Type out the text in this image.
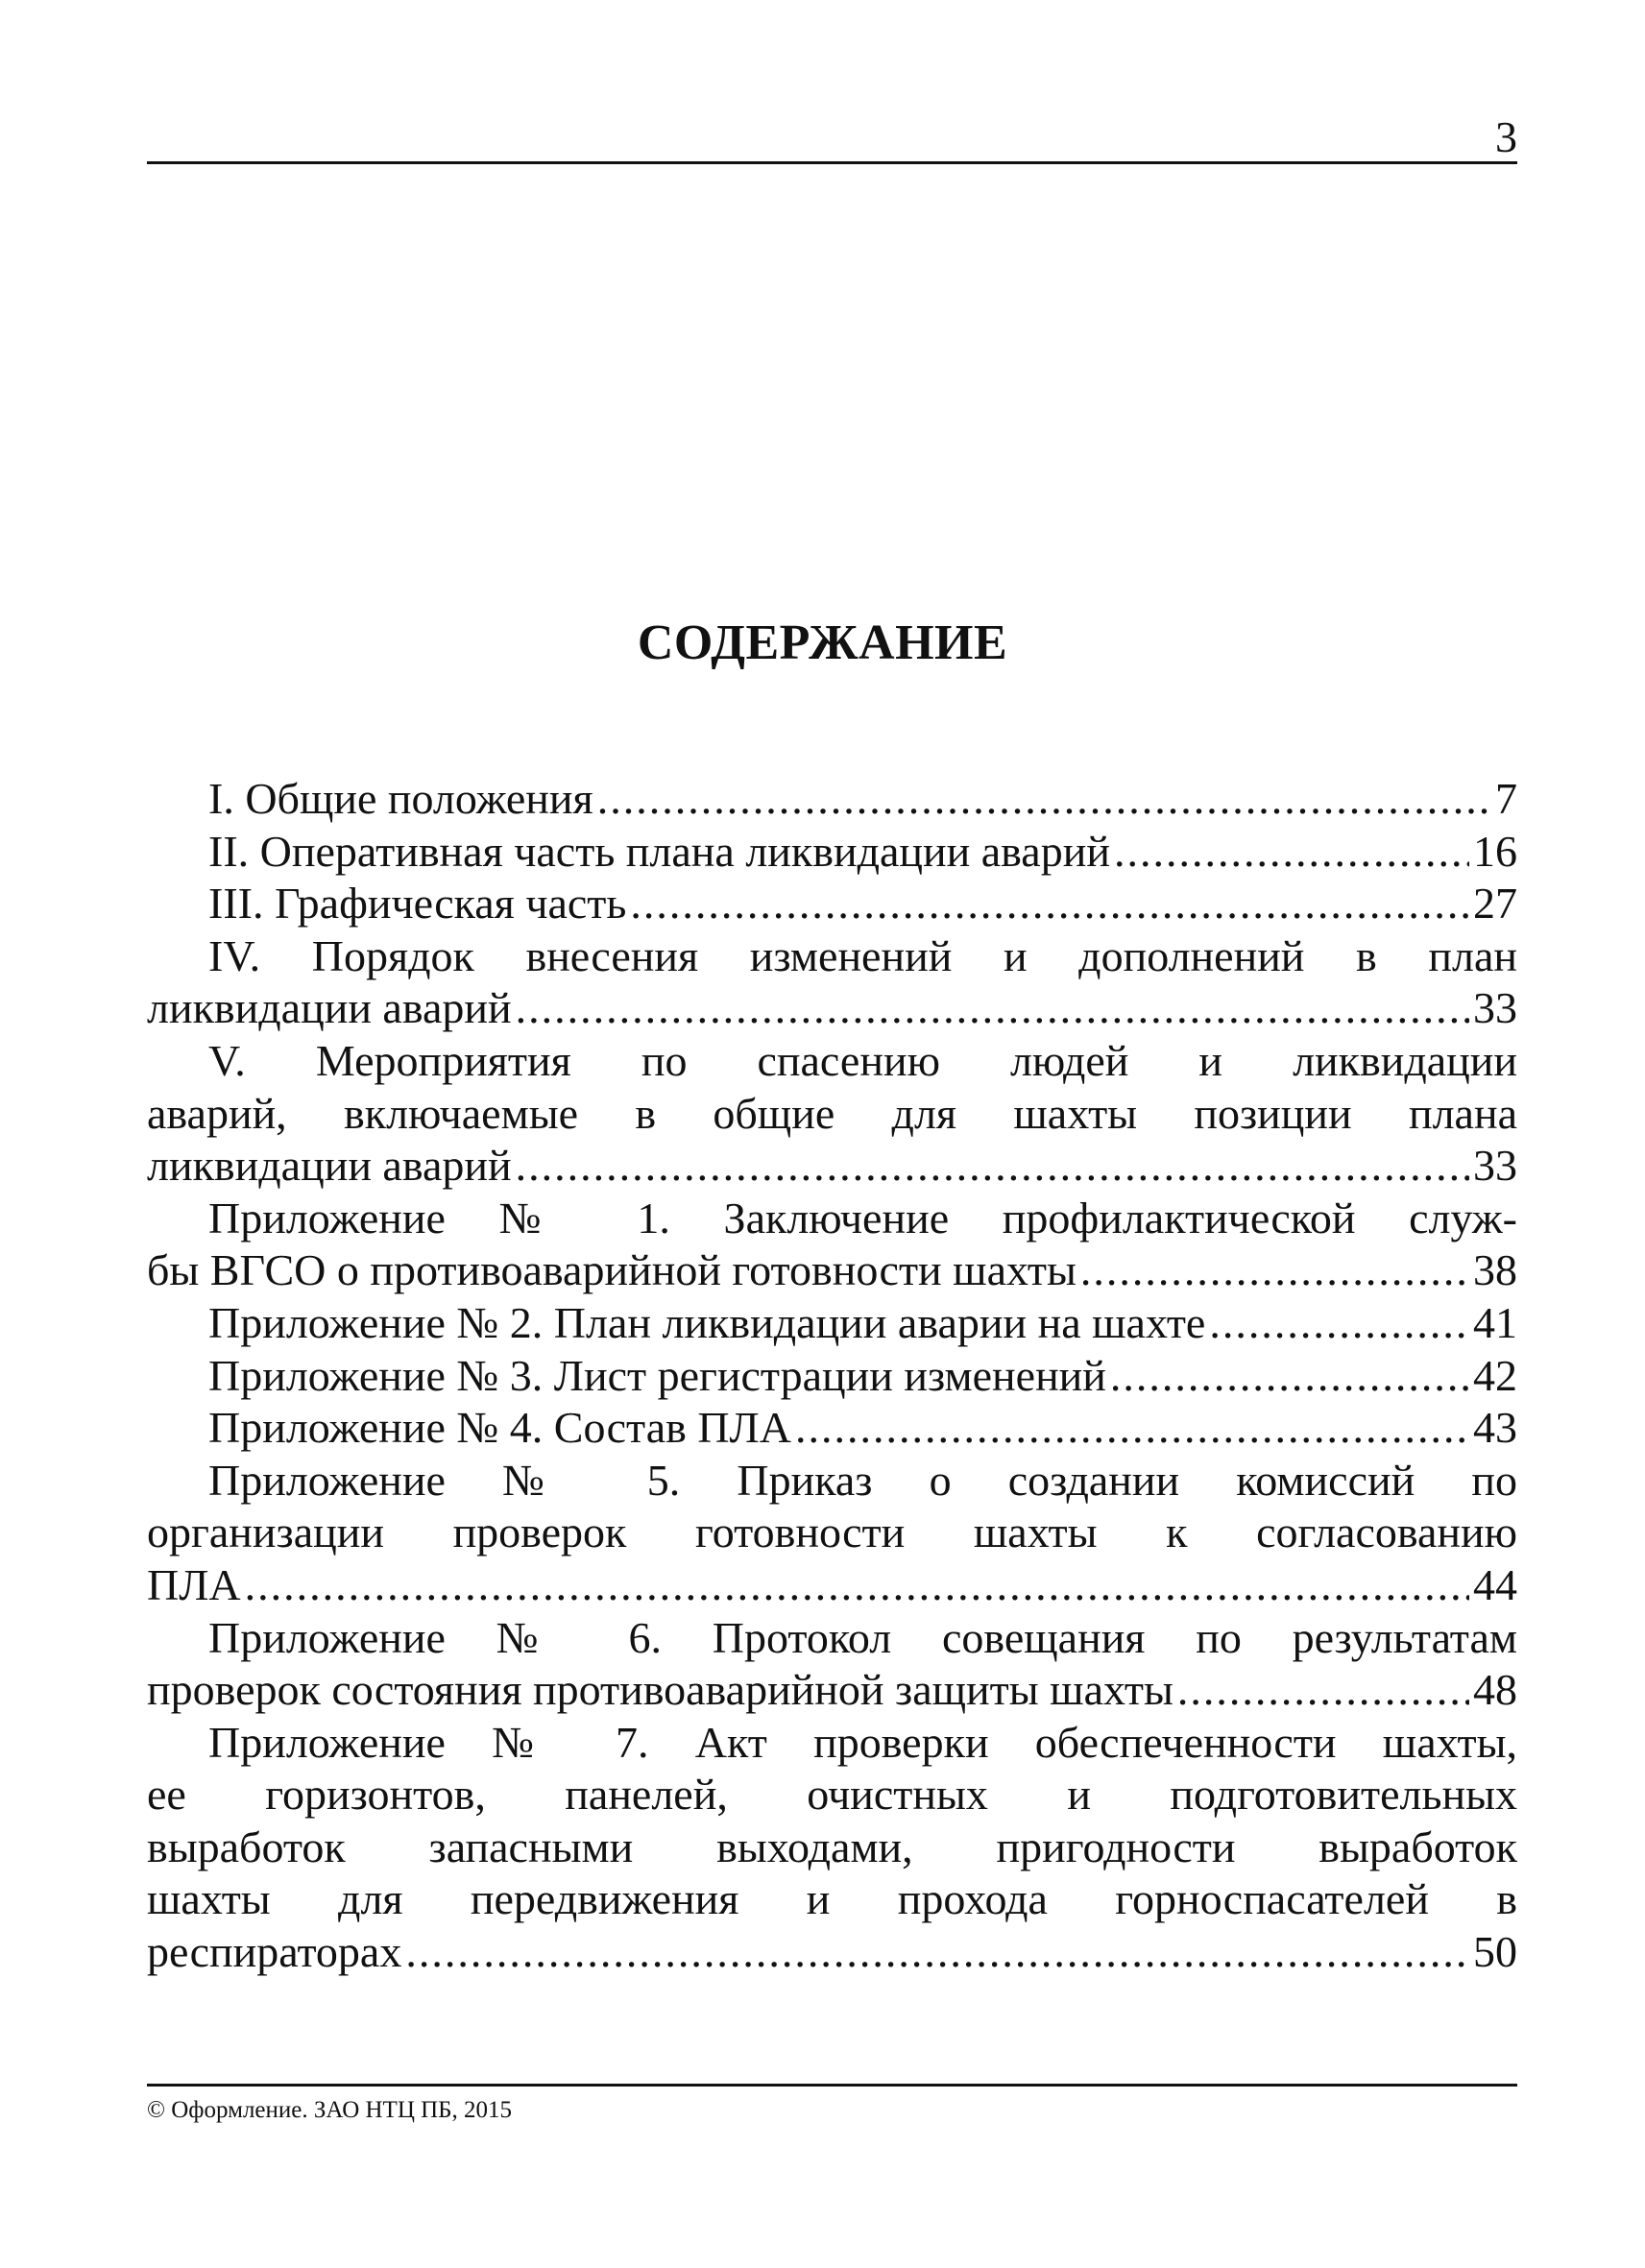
3
СОДЕРЖАНИЕ
I. Общие положения .....	7
II. Оперативная часть плана ликвидации аварий .....	16
III. Графическая часть .....	27
IV. Порядок внесения изменений и дополнений в план
ликвидации аварий .....	33
V. Мероприятия по спасению людей и ликвидации
аварий, включаемые в общие для шахты позиции плана
ликвидации аварий .....	33
Приложение № 1. Заключение профилактической служ-
бы ВГСО о противоаварийной готовности шахты .....	38
Приложение № 2. План ликвидации аварии на шахте .....	41
Приложение № 3. Лист регистрации изменений .....	42
Приложение № 4. Состав ПЛА .....	43
Приложение № 5. Приказ о создании комиссий по
организации проверок готовности шахты к согласованию
ПЛА .....	44
Приложение № 6. Протокол совещания по результатам
проверок состояния противоаварийной защиты шахты .....	48
Приложение № 7. Акт проверки обеспеченности шахты,
ее горизонтов, панелей, очистных и подготовительных
выработок запасными выходами, пригодности выработок
шахты для передвижения и прохода горноспасателей в
респираторах .....	50
© Оформление. ЗАО НТЦ ПБ, 2015
